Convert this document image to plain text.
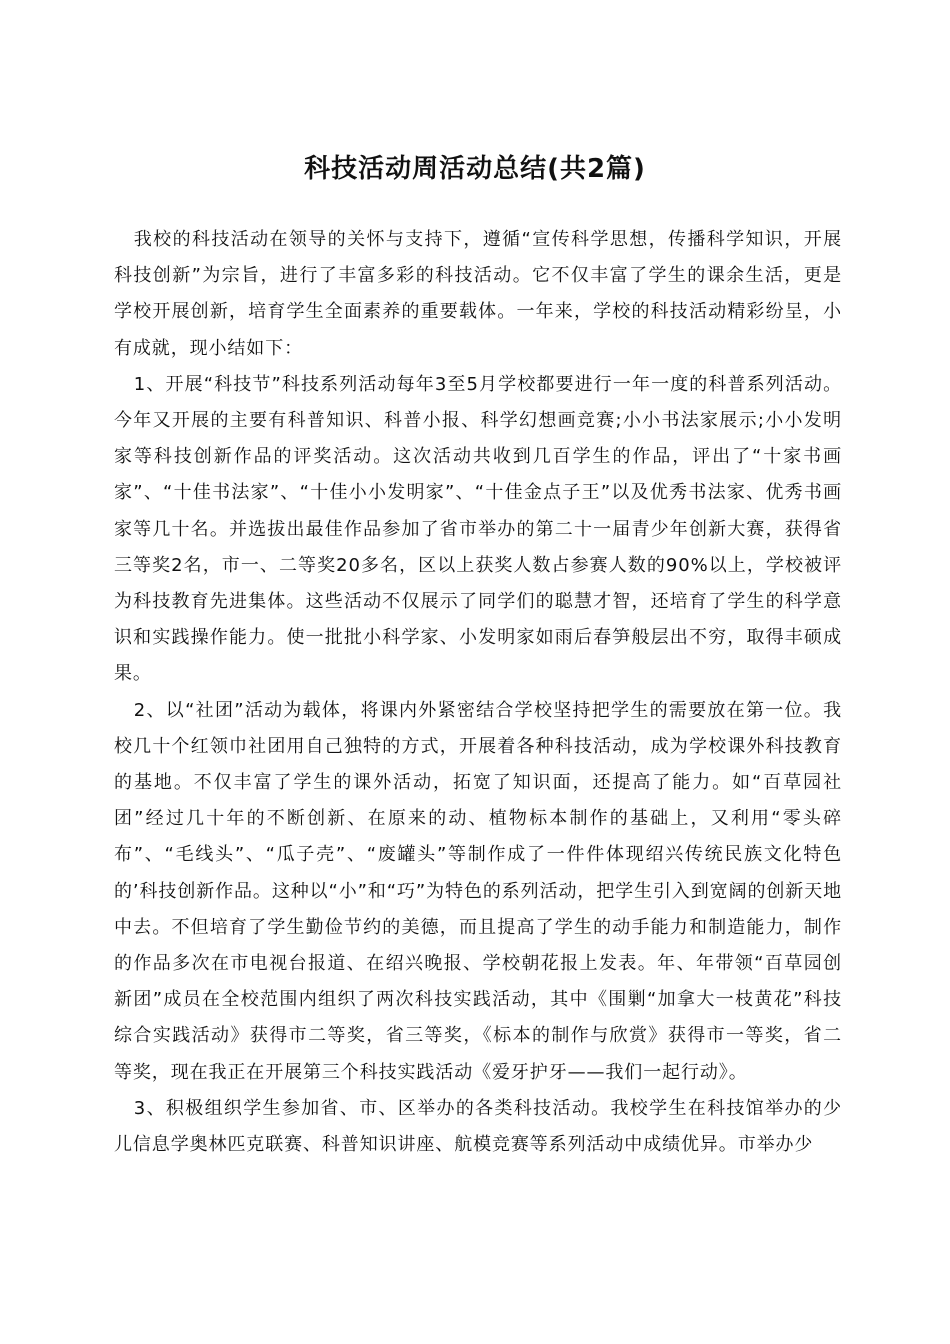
科技活动周活动总结(共2篇)

我校的科技活动在领导的关怀与支持下，遵循“宣传科学思想，传播科学知识，开展科技创新”为宗旨，进行了丰富多彩的科技活动。它不仅丰富了学生的课余生活，更是学校开展创新，培育学生全面素养的重要载体。一年来，学校的科技活动精彩纷呈，小有成就，现小结如下：

1、开展“科技节”科技系列活动每年3至5月学校都要进行一年一度的科普系列活动。今年又开展的主要有科普知识、科普小报、科学幻想画竞赛;小小书法家展示;小小发明家等科技创新作品的评奖活动。这次活动共收到几百学生的作品，评出了“十家书画家”、“十佳书法家”、“十佳小小发明家”、“十佳金点子王”以及优秀书法家、优秀书画家等几十名。并选拔出最佳作品参加了省市举办的第二十一届青少年创新大赛，获得省三等奖2名，市一、二等奖20多名，区以上获奖人数占参赛人数的90%以上，学校被评为科技教育先进集体。这些活动不仅展示了同学们的聪慧才智，还培育了学生的科学意识和实践操作能力。使一批批小科学家、小发明家如雨后春笋般层出不穷，取得丰硕成果。

2、以“社团”活动为载体，将课内外紧密结合学校坚持把学生的需要放在第一位。我校几十个红领巾社团用自己独特的方式，开展着各种科技活动，成为学校课外科技教育的基地。不仅丰富了学生的课外活动，拓宽了知识面，还提高了能力。如“百草园社团”经过几十年的不断创新、在原来的动、植物标本制作的基础上，又利用“零头碎布”、“毛线头”、“瓜子壳”、“废罐头”等制作成了一件件体现绍兴传统民族文化特色的’科技创新作品。这种以“小”和“巧”为特色的系列活动，把学生引入到宽阔的创新天地中去。不但培育了学生勤俭节约的美德，而且提高了学生的动手能力和制造能力，制作的作品多次在市电视台报道、在绍兴晚报、学校朝花报上发表。年、年带领“百草园创新团”成员在全校范围内组织了两次科技实践活动，其中《围剿“加拿大一枝黄花”科技综合实践活动》获得市二等奖，省三等奖，《标本的制作与欣赏》获得市一等奖，省二等奖，现在我正在开展第三个科技实践活动《爱牙护牙——我们一起行动》。

3、积极组织学生参加省、市、区举办的各类科技活动。我校学生在科技馆举办的少儿信息学奥林匹克联赛、科普知识讲座、航模竞赛等系列活动中成绩优异。市举办少
